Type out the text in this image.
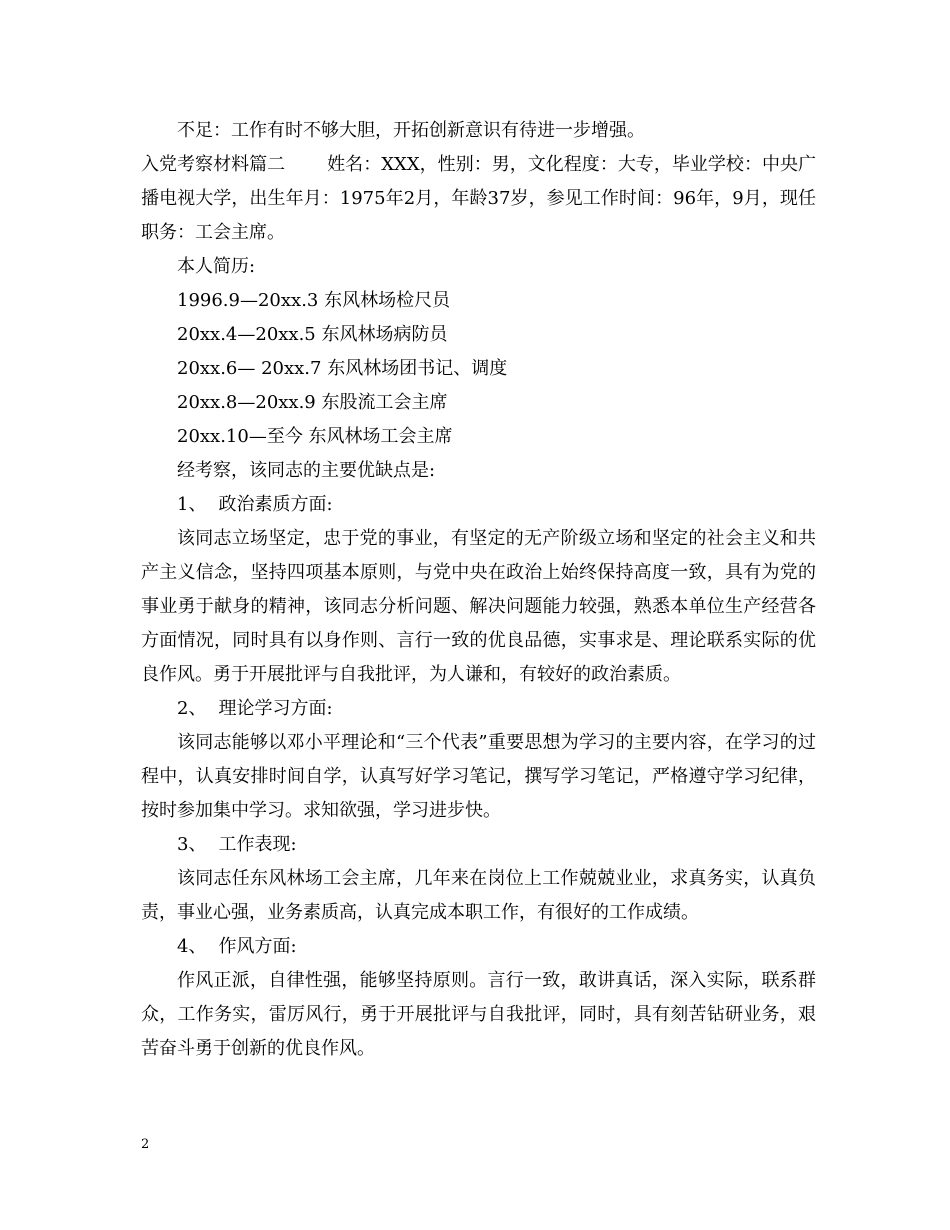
不足：工作有时不够大胆，开拓创新意识有待进一步增强。

入党考察材料篇二 姓名：XXX，性别：男，文化程度：大专，毕业学校：中央广播电视大学，出生年月：1975年2月，年龄37岁，参见工作时间：96年，9月，现任职务：工会主席。

本人简历:

1996.9—20xx.3 东风林场检尺员

20xx.4—20xx.5 东风林场病防员

20xx.6— 20xx.7 东风林场团书记、调度

20xx.8—20xx.9 东股流工会主席

20xx.10—至今 东风林场工会主席

经考察，该同志的主要优缺点是:

1、 政治素质方面:

该同志立场坚定，忠于党的事业，有坚定的无产阶级立场和坚定的社会主义和共产主义信念，坚持四项基本原则，与党中央在政治上始终保持高度一致，具有为党的事业勇于献身的精神，该同志分析问题、解决问题能力较强，熟悉本单位生产经营各方面情况，同时具有以身作则、言行一致的优良品德，实事求是、理论联系实际的优良作风。勇于开展批评与自我批评，为人谦和，有较好的政治素质。

2、 理论学习方面:

该同志能够以邓小平理论和“三个代表”重要思想为学习的主要内容，在学习的过程中，认真安排时间自学，认真写好学习笔记，撰写学习笔记，严格遵守学习纪律，按时参加集中学习。求知欲强，学习进步快。

3、 工作表现:

该同志任东风林场工会主席，几年来在岗位上工作兢兢业业，求真务实，认真负责，事业心强，业务素质高，认真完成本职工作，有很好的工作成绩。

4、 作风方面:

作风正派，自律性强，能够坚持原则。言行一致，敢讲真话，深入实际，联系群众，工作务实，雷厉风行，勇于开展批评与自我批评，同时，具有刻苦钻研业务，艰苦奋斗勇于创新的优良作风。

2
